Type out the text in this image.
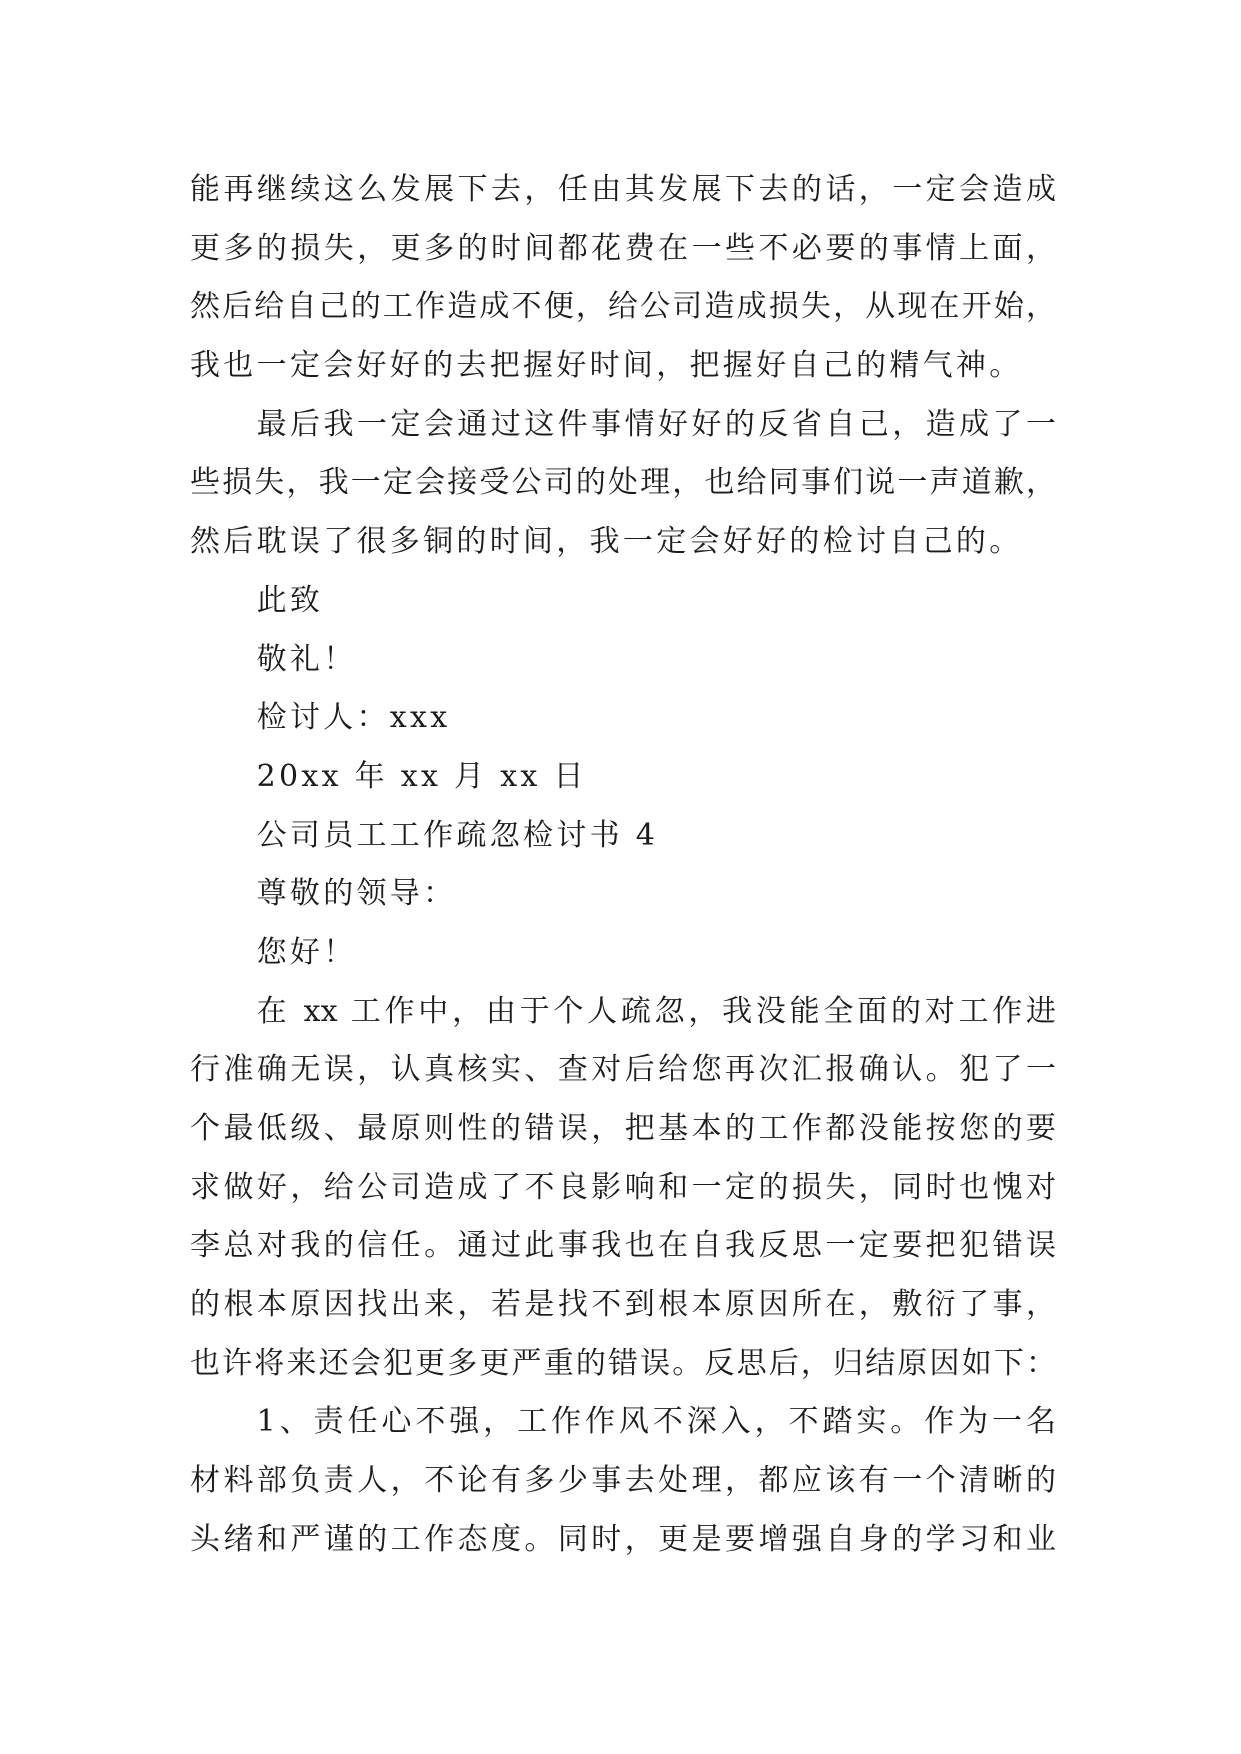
能再继续这么发展下去，任由其发展下去的话，一定会造成
更多的损失，更多的时间都花费在一些不必要的事情上面，
然后给自己的工作造成不便，给公司造成损失，从现在开始，
我也一定会好好的去把握好时间，把握好自己的精气神。
最后我一定会通过这件事情好好的反省自己，造成了一
些损失，我一定会接受公司的处理，也给同事们说一声道歉，
然后耽误了很多铜的时间，我一定会好好的检讨自己的。
此致
敬礼！
检讨人：xxx
20xx 年 xx 月 xx 日
公司员工工作疏忽检讨书 4
尊敬的领导：
您好！
在 xx 工作中，由于个人疏忽，我没能全面的对工作进
行准确无误，认真核实、查对后给您再次汇报确认。犯了一
个最低级、最原则性的错误，把基本的工作都没能按您的要
求做好，给公司造成了不良影响和一定的损失，同时也愧对
李总对我的信任。通过此事我也在自我反思一定要把犯错误
的根本原因找出来，若是找不到根本原因所在，敷衍了事，
也许将来还会犯更多更严重的错误。反思后，归结原因如下：
1、责任心不强，工作作风不深入，不踏实。作为一名
材料部负责人，不论有多少事去处理，都应该有一个清晰的
头绪和严谨的工作态度。同时，更是要增强自身的学习和业
